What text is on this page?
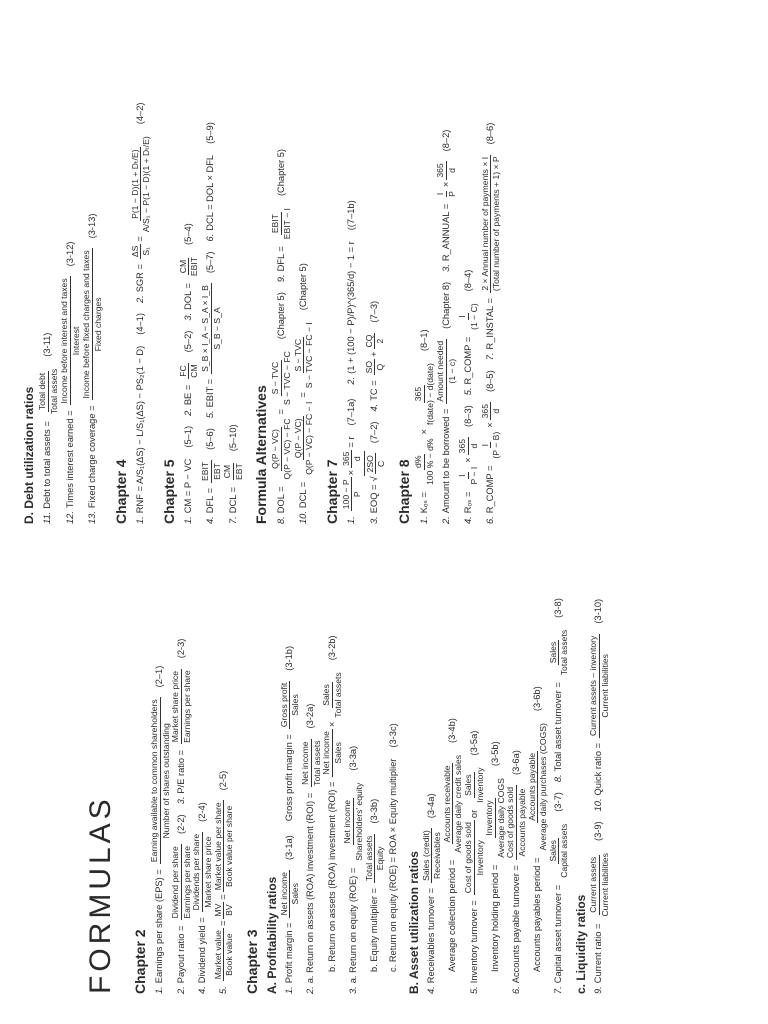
FORMULAS Chapter 2 1.
Earnings per share (EPS) =
Earning available to common shareholders Number of shares outstanding
(2–1)
2.
Payout ratio =
Dividend per share Earnings per share
(2-2)
3.
P/E ratio =
Market share price Earnings per share
(2-3)
4.
Dividend yield =
Dividends per share Market share price
(2-4)
5.
Market value Book value
=
MV BV
=
Market value per share Book value per share
(2-5)
Chapter 3 A. Profitability ratios 1.
Profit margin =
Net income Sales
(3-1a)
Gross profit margin =
Gross profit Sales
(3-1b)
2.
a. Return on assets (ROA) investment (ROI) =
Net income Total assets
(3-2a)
b. Return on assets (ROA) investment (ROI) =
Net income Sales
×
Sales Total assets
(3-2b)
3.
a. Return on equity (ROE) =
Net income Shareholders' equity
(3-3a)
b. Equity multiplier =
Total assets Equity
(3-3b) c. Return on equity (ROE) = ROA × Equity multiplier
(3-3c)
B. Asset utilization ratios 4.
Receivables turnover =
Sales (credit) Receivables
(3-4a)
Average collection period =
Accounts receivable Average daily credit sales
(3-4b)
5.
Inventory turnover =
Cost of goods sold Inventory
or
Sales Inventory
(3-5a)
Inventory holding period =
Inventory Average daily COGS
(3-5b)
6.
Accounts payable turnover =
Cost of goods sold Accounts payable
(3-6a)
Accounts payables period =
Accounts payable Average daily purchases (COGS)
(3-6b)
7.
Capital asset turnover =
Sales Capital assets
(3-7)
8.
Total asset turnover =
Sales Total assets
(3-8)
c. Liquidity ratios 9.
Current ratio =
Current assets Current liabilities
(3-9)
10.
Quick ratio =
Current assets – inventory Current liabilities
(3-10)
D. Debt utilization ratios 11.
Debt to total assets =
Total debt Total assets
(3-11)
12.
Times interest earned =
Income before interest and taxes Interest
(3-12)
13.
Fixed charge coverage =
Income before fixed charges and taxes Fixed charges
(3-13)
Chapter 4 1.
RNF = A/S₁(ΔS) − L/S₁(ΔS) − PS₂(1 − D)
(4–1)
2.
SGR =
ΔS S₁
=
P(1 − D)(1 + Dₜ/E) A/S₁ − P(1 − D)(1 + Dₜ/E)
(4–2)
Chapter 5 1.
CM = P − VC
(5–1)
2.
BE =
FC CM
(5–2)
3.
DOL =
CM EBIT
(5–4)
4.
DFL =
EBIT EBT
(5–6)
5.
EBIT =
S_B × I_A − S_A × I_B S_B − S_A
(5–7)
6.
DCL = DOL × DFL
(5–9)
7.
DCL =
CM EBT
(5–10) Formula Alternatives 8.
DOL =
Q(P − VC) Q(P − VC) − FC
=
S − TVC S − TVC − FC
(Chapter 5)
9.
DFL =
EBIT EBIT − I
(Chapter 5)
10.
DCL =
Q(P − VC) Q(P − VC) − FC − I
=
S − TVC S − TVC − FC − I
(Chapter 5)
Chapter 7 1.
100 − P P
×
365 d
= r
(7–1a)
2.
(1 + (100 − P)/P)^(365/d) − 1 = r
((7–1b)
3.
EOQ =
√
2SO C
(7–2)
4.
TC =
SO Q
+
CQ 2
(7–3)
Chapter 8 1.
Kₒₛ =
d% 100 % − d%
×
365 f(date) − d(date)
(8–1)
2.
Amount to be borrowed =
Amount needed (1 − c)
(Chapter 8)
3.
R_ANNUAL =
I P
×
365 d
(8–2)
4.
Rₒₛ =
I P − I
×
365 d
(8–3)
5.
R_COMP =
I (1 − C)
(8–4)
6.
R_COMP =
I (P − B)
×
365 d
(8–5)
7.
R_INSTAL =
2 × Annual number of payments × I (Total number of payments + 1) × P
(8–6)
